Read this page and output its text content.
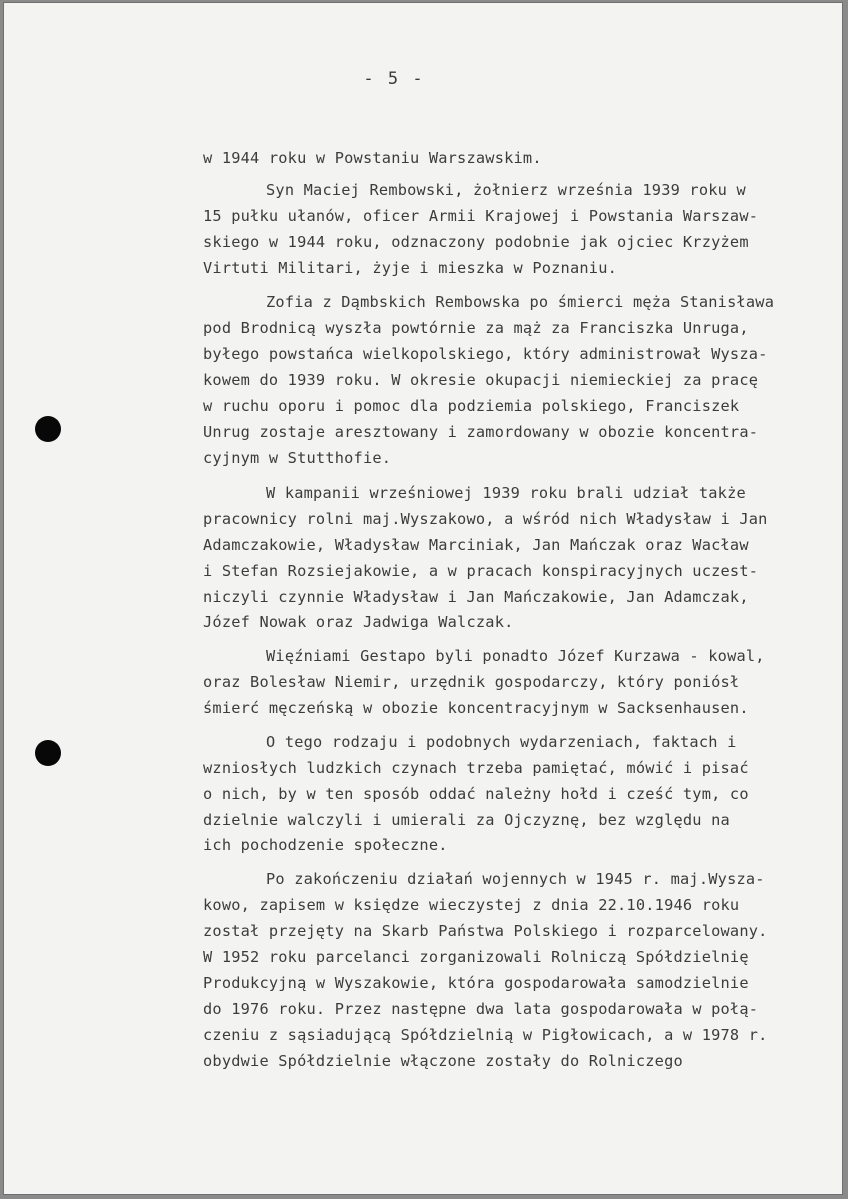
- 5 -
w 1944 roku w Powstaniu Warszawskim.
Syn Maciej Rembowski, żołnierz września 1939 roku w
15 pułku ułanów, oficer Armii Krajowej i Powstania Warszaw-
skiego w 1944 roku, odznaczony podobnie jak ojciec Krzyżem
Virtuti Militari, żyje i mieszka w Poznaniu.
Zofia z Dąmbskich Rembowska po śmierci męża Stanisława
pod Brodnicą wyszła powtórnie za mąż za Franciszka Unruga,
byłego powstańca wielkopolskiego, który administrował Wysza-
kowem do 1939 roku. W okresie okupacji niemieckiej za pracę
w ruchu oporu i pomoc dla podziemia polskiego, Franciszek
Unrug zostaje aresztowany i zamordowany w obozie koncentra-
cyjnym w Stutthofie.
W kampanii wrześniowej 1939 roku brali udział także
pracownicy rolni maj.Wyszakowo, a wśród nich Władysław i Jan
Adamczakowie, Władysław Marciniak, Jan Mańczak oraz Wacław
i Stefan Rozsiejakowie, a w pracach konspiracyjnych uczest-
niczyli czynnie Władysław i Jan Mańczakowie, Jan Adamczak,
Józef Nowak oraz Jadwiga Walczak.
Więźniami Gestapo byli ponadto Józef Kurzawa - kowal,
oraz Bolesław Niemir, urzędnik gospodarczy, który poniósł
śmierć męczeńską w obozie koncentracyjnym w Sacksenhausen.
O tego rodzaju i podobnych wydarzeniach, faktach i
wzniosłych ludzkich czynach trzeba pamiętać, mówić i pisać
o nich, by w ten sposób oddać należny hołd i cześć tym, co
dzielnie walczyli i umierali za Ojczyznę, bez względu na
ich pochodzenie społeczne.
Po zakończeniu działań wojennych w 1945 r. maj.Wysza-
kowo, zapisem w księdze wieczystej z dnia 22.10.1946 roku
został przejęty na Skarb Państwa Polskiego i rozparcelowany.
W 1952 roku parcelanci zorganizowali Rolniczą Spółdzielnię
Produkcyjną w Wyszakowie, która gospodarowała samodzielnie
do 1976 roku. Przez następne dwa lata gospodarowała w połą-
czeniu z sąsiadującą Spółdzielnią w Pigłowicach, a w 1978 r.
obydwie Spółdzielnie włączone zostały do Rolniczego
